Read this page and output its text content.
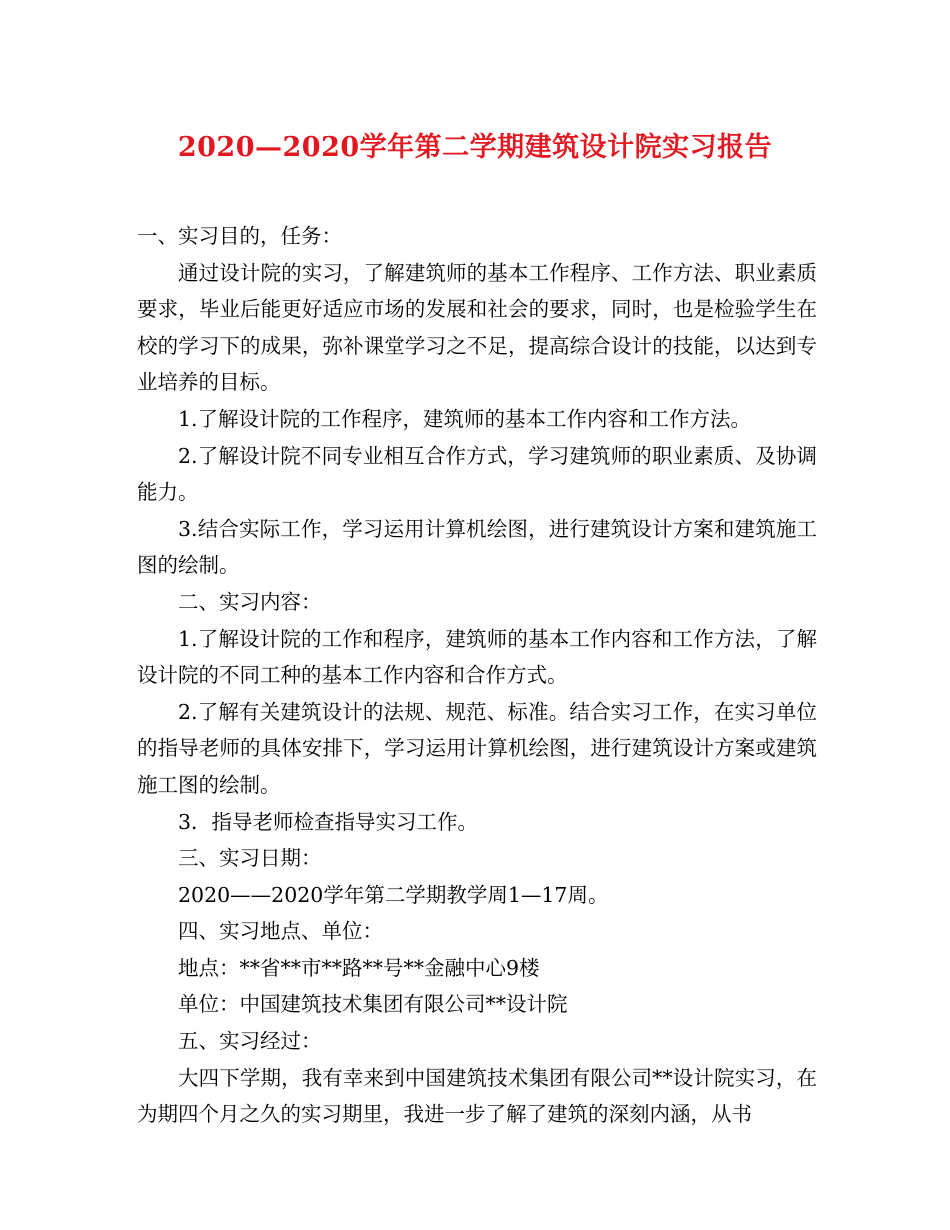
2020—2020学年第二学期建筑设计院实习报告

一、实习目的，任务：

通过设计院的实习，了解建筑师的基本工作程序、工作方法、职业素质要求，毕业后能更好适应市场的发展和社会的要求，同时，也是检验学生在校的学习下的成果，弥补课堂学习之不足，提高综合设计的技能，以达到专业培养的目标。

1.了解设计院的工作程序，建筑师的基本工作内容和工作方法。

2.了解设计院不同专业相互合作方式，学习建筑师的职业素质、及协调能力。

3.结合实际工作，学习运用计算机绘图，进行建筑设计方案和建筑施工图的绘制。

二、实习内容：

1.了解设计院的工作和程序，建筑师的基本工作内容和工作方法，了解设计院的不同工种的基本工作内容和合作方式。

2.了解有关建筑设计的法规、规范、标准。结合实习工作，在实习单位的指导老师的具体安排下，学习运用计算机绘图，进行建筑设计方案或建筑施工图的绘制。

3．指导老师检查指导实习工作。

三、实习日期：

2020——2020学年第二学期教学周1—17周。

四、实习地点、单位：

地点：**省**市**路**号**金融中心9楼

单位：中国建筑技术集团有限公司**设计院

五、实习经过：

大四下学期，我有幸来到中国建筑技术集团有限公司**设计院实习，在为期四个月之久的实习期里，我进一步了解了建筑的深刻内涵，从书
